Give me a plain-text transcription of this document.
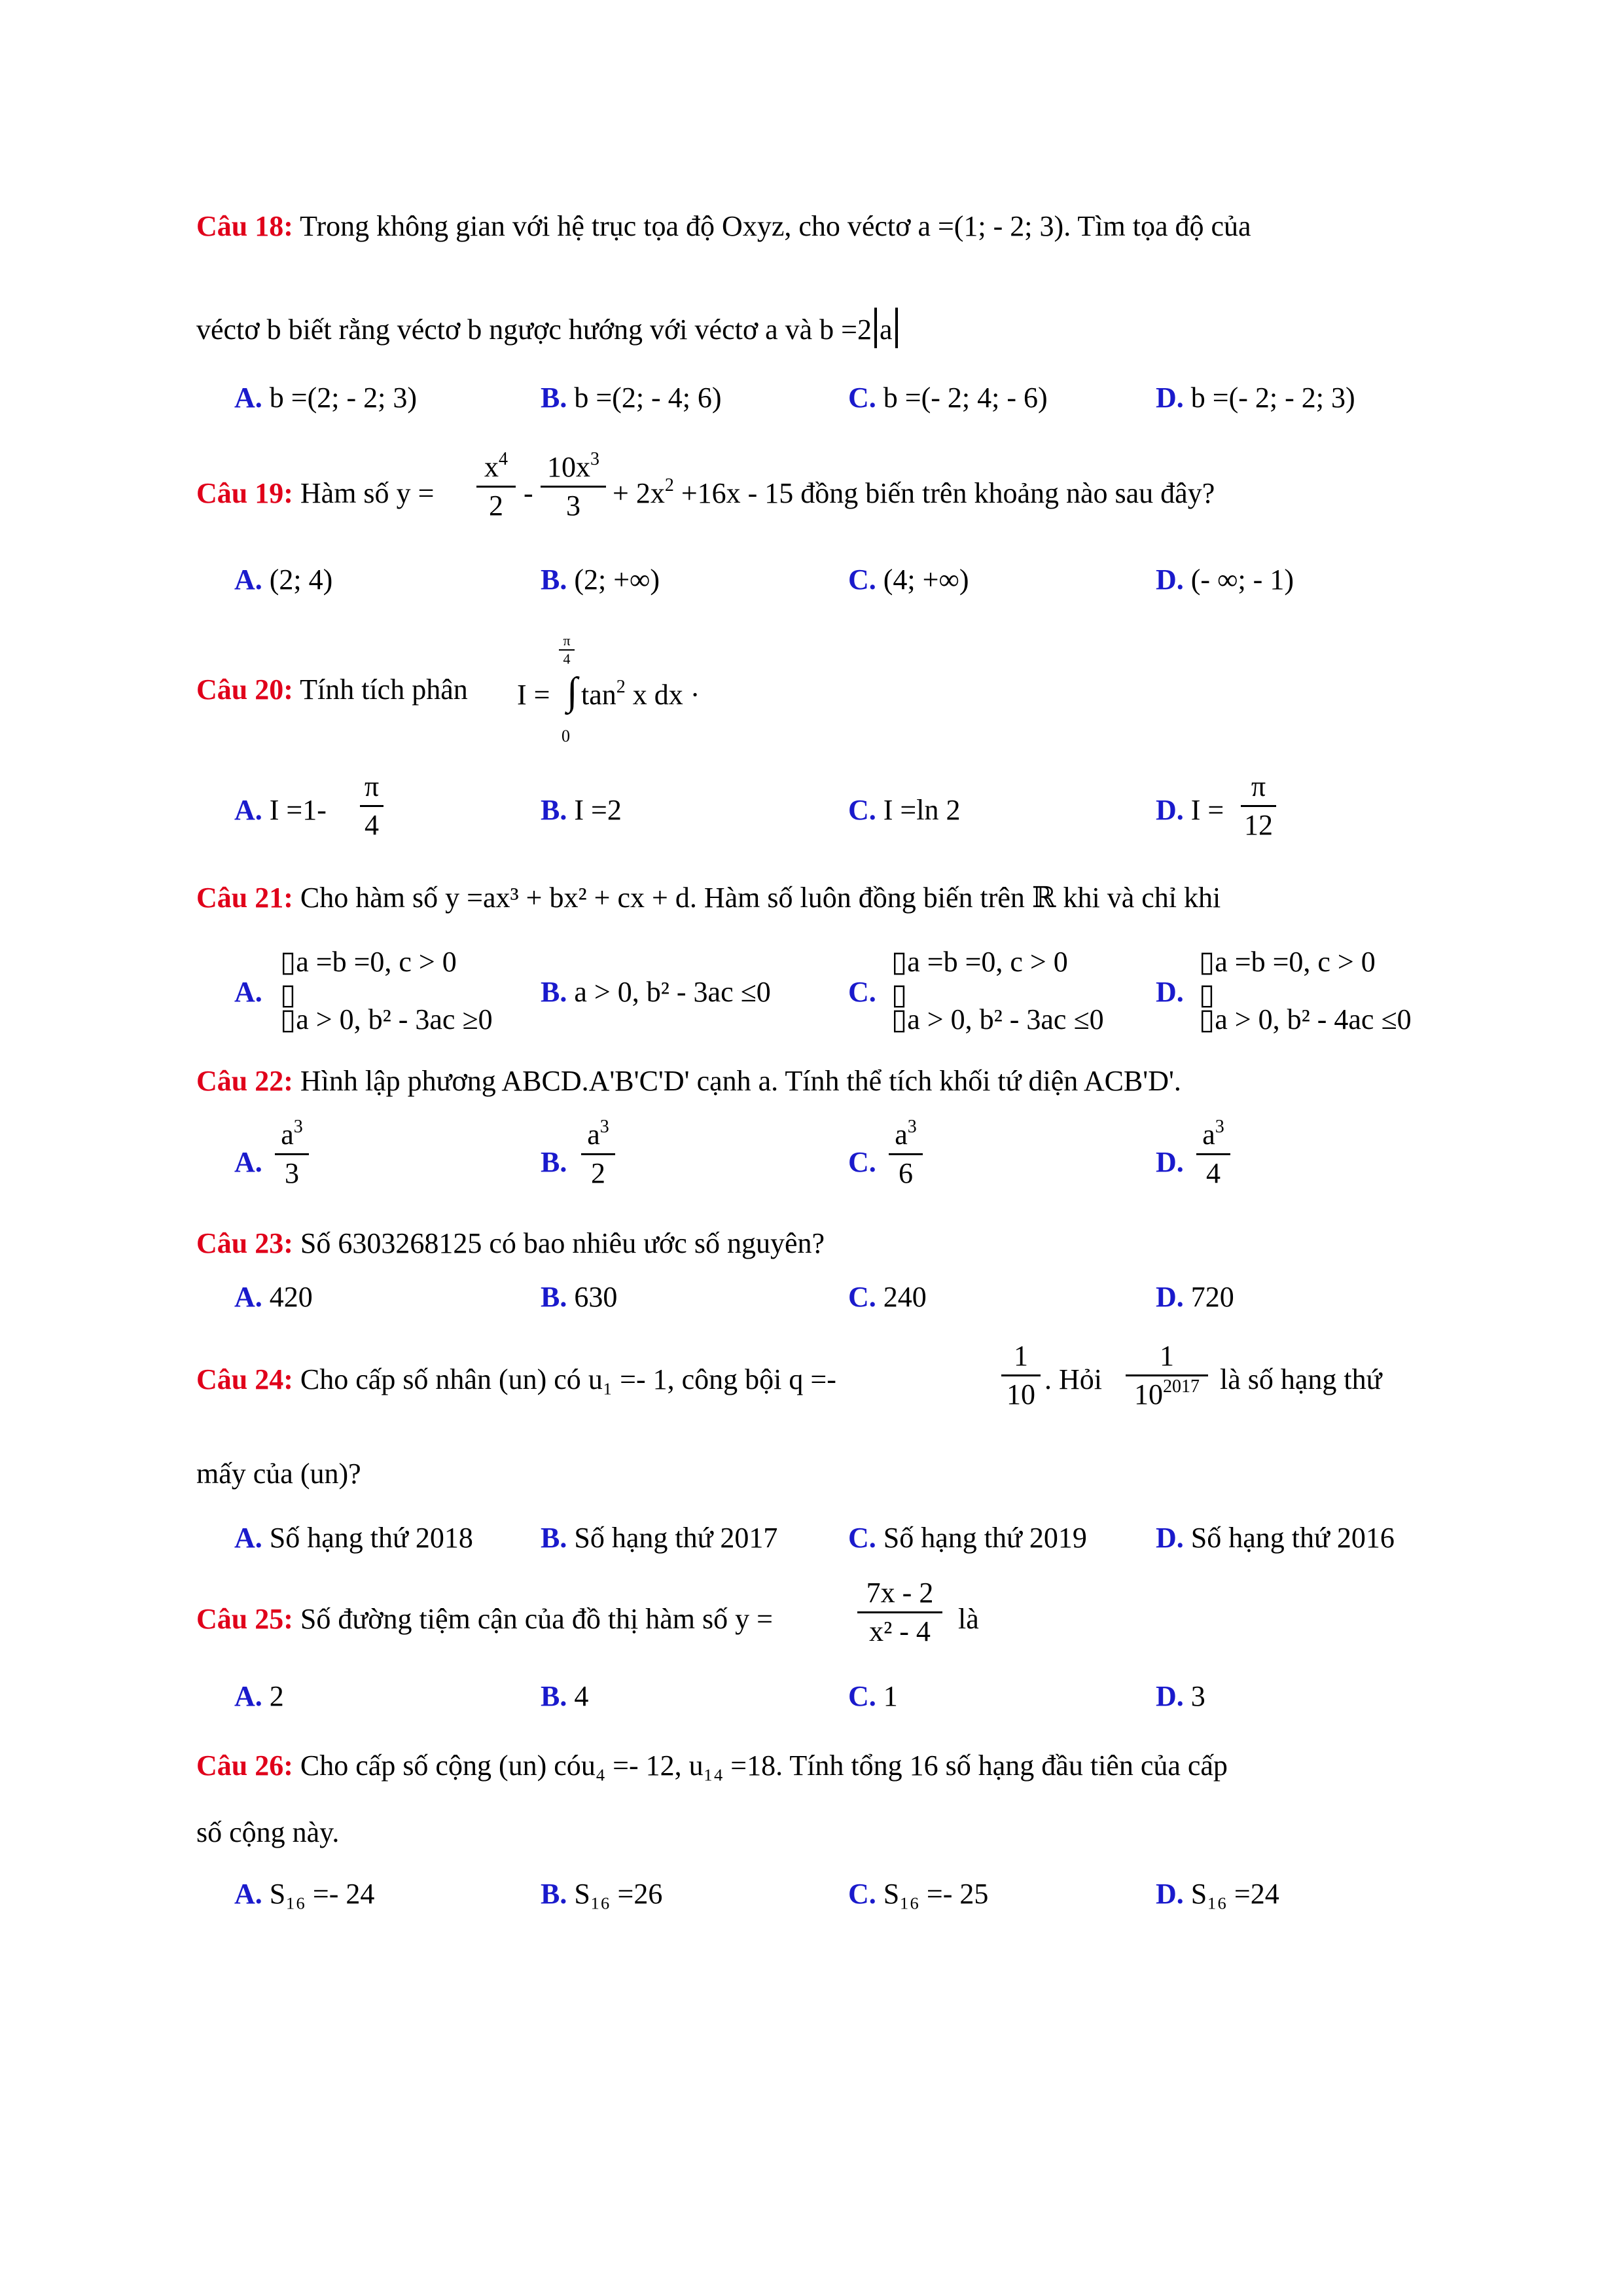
Câu 18: Trong không gian với hệ trục tọa độ Oxyz, cho véctơ a =(1; - 2; 3). Tìm tọa độ của
véctơ b biết rằng véctơ b ngược hướng với véctơ a và b =2 a
A. b =(2; - 2; 3)	B. b =(2; - 4; 6)	C. b =(- 2; 4; - 6)	D. b =(- 2; - 2; 3)
Câu 19: Hàm số y =
$x^4$
2 -
$10x^3$
3	+ $2x^2 +16x - 15$ đồng biến trên khoảng nào sau đây?
A. (2; 4)	B. (2; +∞)	C. (4; +∞)	D. (- ∞; - 1)
Câu 20: Tính tích phân I =
π
4
∫
0
$\tan^2 x$ dx ·
A. I =1-
π
4	B. I =2	C. I =ln 2	D. I =
π
12
Câu 21: Cho hàm số y =ax³ + bx² + cx + d. Hàm số luôn đồng biến trên ℝ khi và chỉ khi
A.
▯a =b =0, c > 0
▯
▯a > 0, b² - 3ac ≥0
B. a > 0, b² - 3ac ≤0	C.
▯a =b =0, c > 0
▯
▯a > 0, b² - 3ac ≤0
D.
▯a =b =0, c > 0
▯
▯a > 0, b² - 4ac ≤0
Câu 22: Hình lập phương ABCD.A'B'C'D' cạnh a. Tính thể tích khối tứ diện ACB'D'.
A.
$a^3$
3	B.
$a^3$
2	C.
$a^3$
6	D.
$a^3$
4
Câu 23: Số 6303268125 có bao nhiêu ước số nguyên?
A. 420	B. 630	C. 240	D. 720
Câu 24: Cho cấp số nhân (un) có u₁ =- 1, công bội q =-
1
10 . Hỏi
1
$10^{2017}$ là số hạng thứ
mấy của (un)?
A. Số hạng thứ 2018 B. Số hạng thứ 2017 C. Số hạng thứ 2019 D. Số hạng thứ 2016
Câu 25: Số đường tiệm cận của đồ thị hàm số y =
7x - 2
x² - 4 là
A. 2	B. 4	C. 1	D. 3
Câu 26: Cho cấp số cộng (un) cóu₄ =- 12, u₁₄ =18. Tính tổng 16 số hạng đầu tiên của cấp
số cộng này.
A. S₁₆ =- 24	B. S₁₆ =26	C. S₁₆ =- 25	D. S₁₆ =24
